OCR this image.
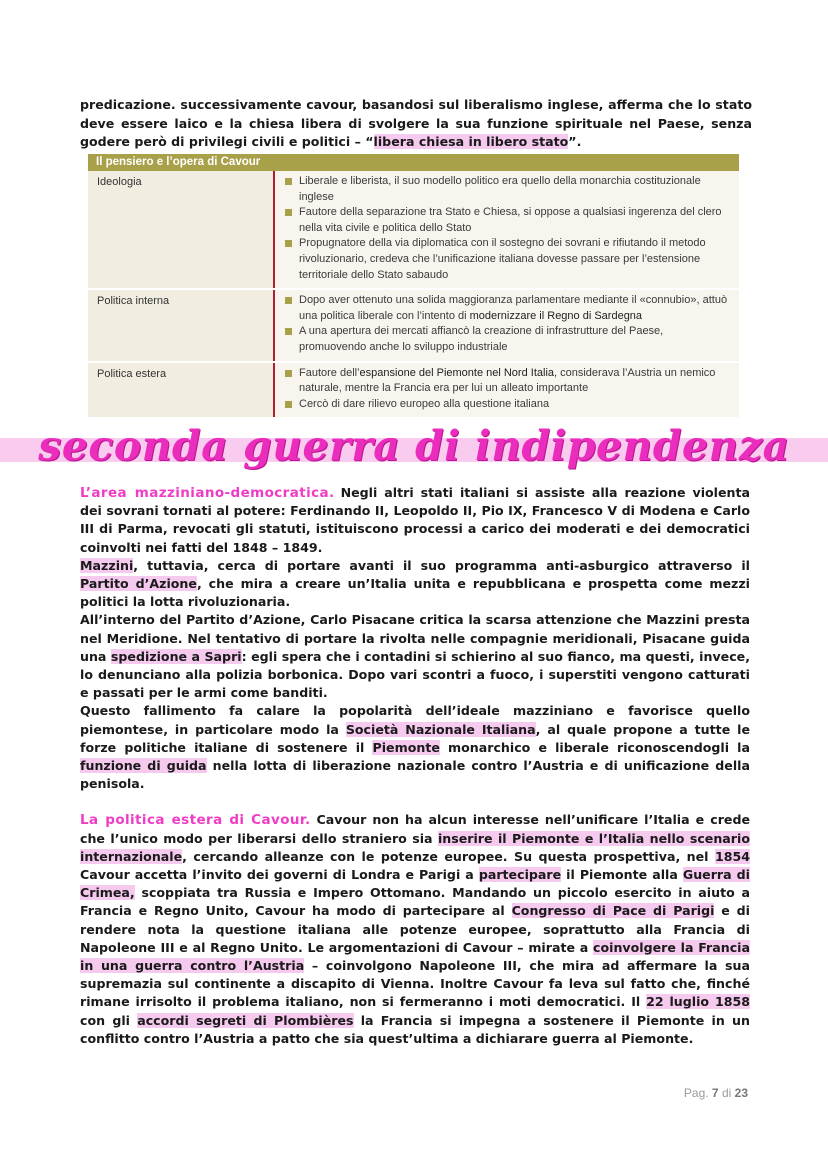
predicazione. successivamente cavour, basandosi sul liberalismo inglese, afferma che lo stato deve essere laico e la chiesa libera di svolgere la sua funzione spirituale nel Paese, senza godere però di privilegi civili e politici – “libera chiesa in libero stato”.

Il pensiero e l’opera di Cavour
Ideologia	Liberale e liberista, il suo modello politico era quello della monarchia costituzionale inglese
Fautore della separazione tra Stato e Chiesa, si oppose a qualsiasi ingerenza del clero nella vita civile e politica dello Stato
Propugnatore della via diplomatica con il sostegno dei sovrani e rifiutando il metodo rivoluzionario, credeva che l’unificazione italiana dovesse passare per l’estensione territoriale dello Stato sabaudo
Politica interna	Dopo aver ottenuto una solida maggioranza parlamentare mediante il «connubio», attuò una politica liberale con l’intento di modernizzare il Regno di Sardegna
A una apertura dei mercati affiancò la creazione di infrastrutture del Paese, promuovendo anche lo sviluppo industriale
Politica estera	Fautore dell’espansione del Piemonte nel Nord Italia, considerava l’Austria un nemico naturale, mentre la Francia era per lui un alleato importante
Cercò di dare rilievo europeo alla questione italiana
seconda guerra di indipendenza

L’area mazziniano-democratica. Negli altri stati italiani si assiste alla reazione violenta dei sovrani tornati al potere: Ferdinando II, Leopoldo II, Pio IX, Francesco V di Modena e Carlo III di Parma, revocati gli statuti, istituiscono processi a carico dei moderati e dei democratici coinvolti nei fatti del 1848 – 1849.

Mazzini, tuttavia, cerca di portare avanti il suo programma anti-asburgico attraverso il Partito d’Azione, che mira a creare un’Italia unita e repubblicana e prospetta come mezzi politici la lotta rivoluzionaria.

All’interno del Partito d’Azione, Carlo Pisacane critica la scarsa attenzione che Mazzini presta nel Meridione. Nel tentativo di portare la rivolta nelle compagnie meridionali, Pisacane guida una spedizione a Sapri: egli spera che i contadini si schierino al suo fianco, ma questi, invece, lo denunciano alla polizia borbonica. Dopo vari scontri a fuoco, i superstiti vengono catturati e passati per le armi come banditi.

Questo fallimento fa calare la popolarità dell’ideale mazziniano e favorisce quello piemontese, in particolare modo la Società Nazionale Italiana, al quale propone a tutte le forze politiche italiane di sostenere il Piemonte monarchico e liberale riconoscendogli la funzione di guida nella lotta di liberazione nazionale contro l’Austria e di unificazione della penisola.

La politica estera di Cavour. Cavour non ha alcun interesse nell’unificare l’Italia e crede che l’unico modo per liberarsi dello straniero sia inserire il Piemonte e l’Italia nello scenario internazionale, cercando alleanze con le potenze europee. Su questa prospettiva, nel 1854 Cavour accetta l’invito dei governi di Londra e Parigi a partecipare il Piemonte alla Guerra di Crimea, scoppiata tra Russia e Impero Ottomano. Mandando un piccolo esercito in aiuto a Francia e Regno Unito, Cavour ha modo di partecipare al Congresso di Pace di Parigi e di rendere nota la questione italiana alle potenze europee, soprattutto alla Francia di Napoleone III e al Regno Unito. Le argomentazioni di Cavour – mirate a coinvolgere la Francia in una guerra contro l’Austria – coinvolgono Napoleone III, che mira ad affermare la sua supremazia sul continente a discapito di Vienna. Inoltre Cavour fa leva sul fatto che, finché rimane irrisolto il problema italiano, non si fermeranno i moti democratici. Il 22 luglio 1858 con gli accordi segreti di Plombières la Francia si impegna a sostenere il Piemonte in un conflitto contro l’Austria a patto che sia quest’ultima a dichiarare guerra al Piemonte.

Pag. 7 di 23
